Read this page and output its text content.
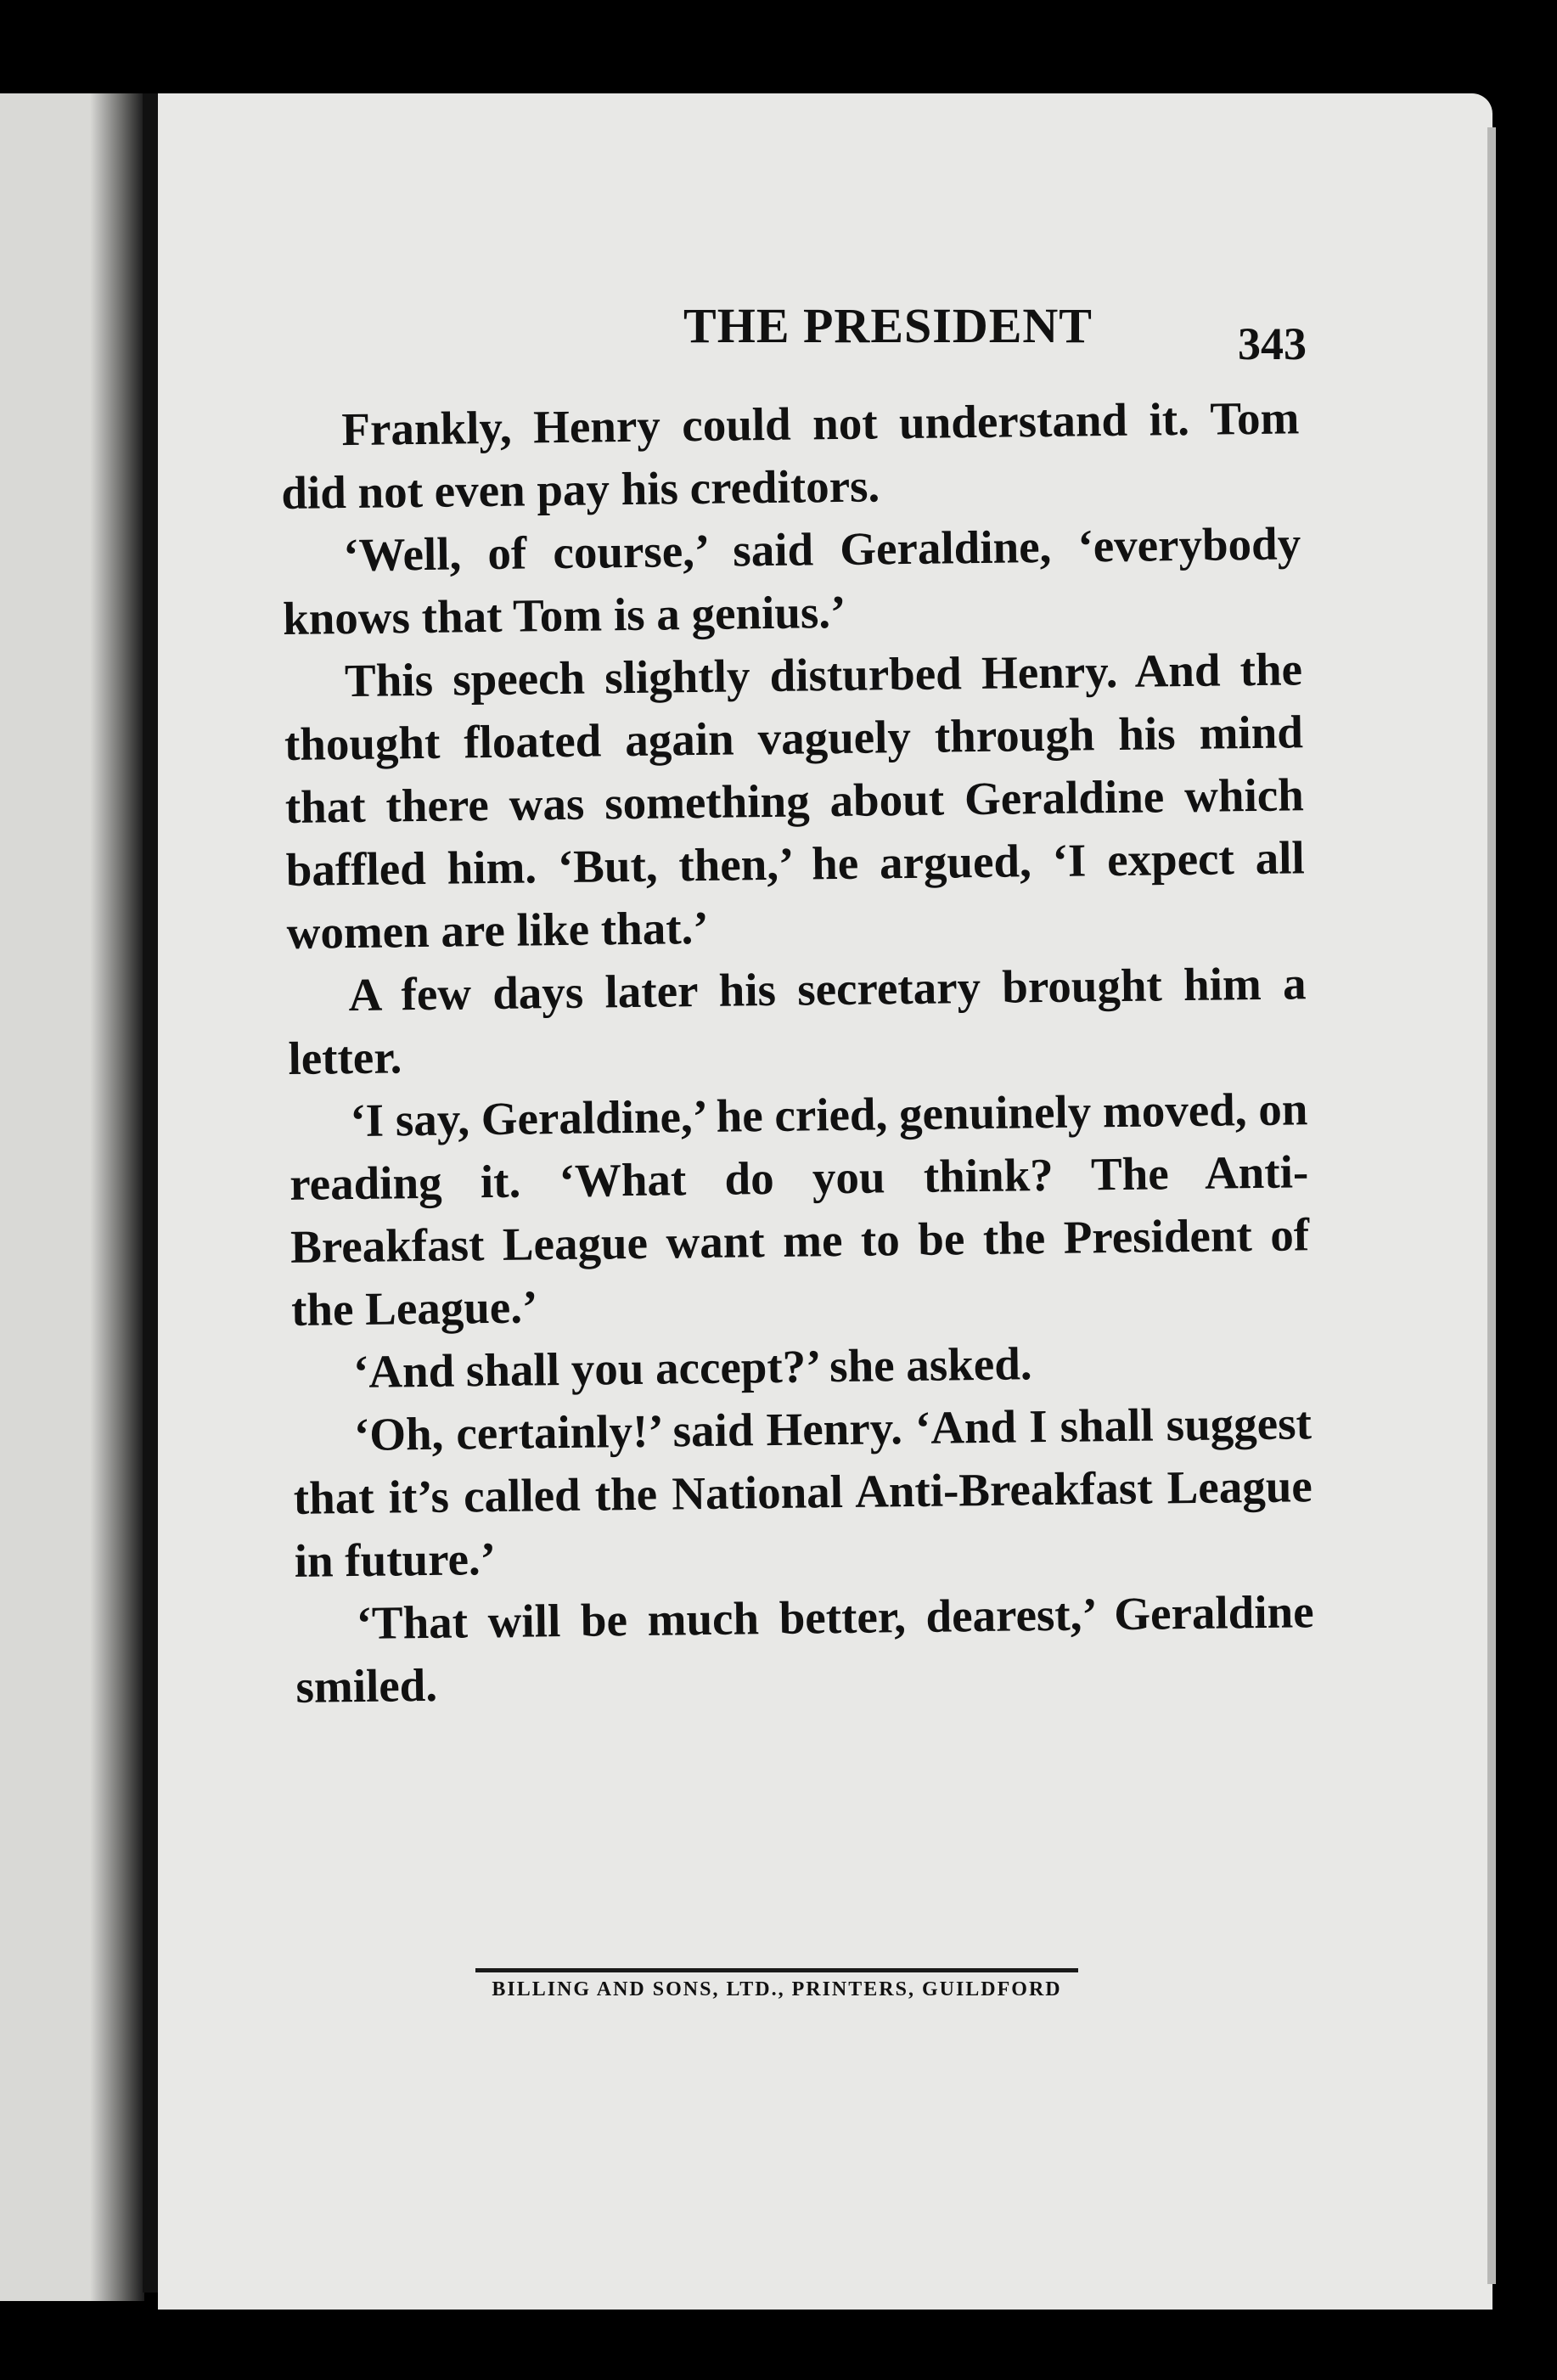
THE PRESIDENT	343

Frankly, Henry could not understand it. Tom did not even pay his creditors.

‘Well, of course,’ said Geraldine, ‘everybody knows that Tom is a genius.’

This speech slightly disturbed Henry. And the thought floated again vaguely through his mind that there was something about Geraldine which baffled him. ‘But, then,’ he argued, ‘I expect all women are like that.’

A few days later his secretary brought him a letter.

‘I say, Geraldine,’ he cried, genuinely moved, on reading it. ‘What do you think? The Anti-Breakfast League want me to be the President of the League.’

‘And shall you accept?’ she asked.

‘Oh, certainly!’ said Henry. ‘And I shall suggest that it’s called the National Anti-Breakfast League in future.’

‘That will be much better, dearest,’ Geraldine smiled.

BILLING AND SONS, LTD., PRINTERS, GUILDFORD
